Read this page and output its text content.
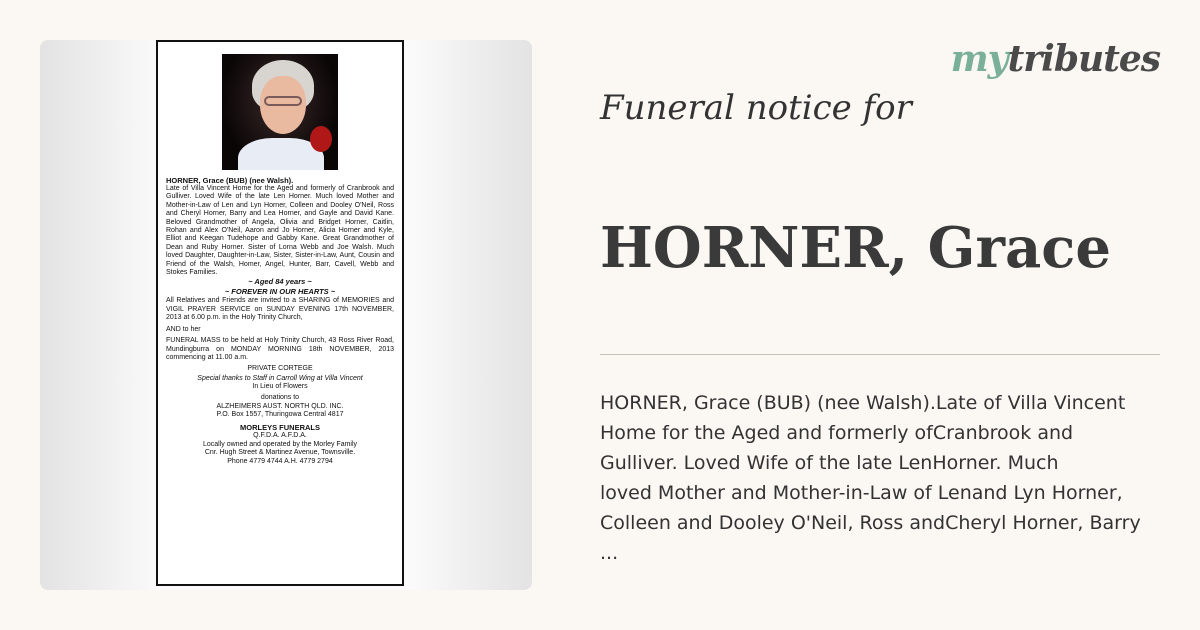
HORNER, Grace (BUB) (nee Walsh).

Late of Villa Vincent Home for the Aged and formerly of Cranbrook and Gulliver. Loved Wife of the late Len Horner. Much loved Mother and Mother-in-Law of Len and Lyn Horner, Colleen and Dooley O'Neil, Ross and Cheryl Horner, Barry and Lea Horner, and Gayle and David Kane. Beloved Grandmother of Angela, Olivia and Bridget Horner, Caitlin, Rohan and Alex O'Neil, Aaron and Jo Horner, Alicia Horner and Kyle, Elliot and Keegan Tudehope and Gabby Kane. Great Grandmother of Dean and Ruby Horner. Sister of Lorna Webb and Joe Walsh. Much loved Daughter, Daughter-in-Law, Sister, Sister-in-Law, Aunt, Cousin and Friend of the Walsh, Homer, Angel, Hunter, Barr, Cavell, Webb and Stokes Families.

~ Aged 84 years ~

~ FOREVER IN OUR HEARTS ~

All Relatives and Friends are invited to a SHARING of MEMORIES and VIGIL PRAYER SERVICE on SUNDAY EVENING 17th NOVEMBER, 2013 at 6.00 p.m. in the Holy Trinity Church,

AND to her

FUNERAL MASS to be held at Holy Trinity Church, 43 Ross River Road, Mundingburra on MONDAY MORNING 18th NOVEMBER, 2013 commencing at 11.00 a.m.

PRIVATE CORTEGE

Special thanks to Staff in Carroll Wing at Villa Vincent

In Lieu of Flowers

donations to

ALZHEIMERS AUST. NORTH QLD. INC.

P.O. Box 1557, Thuringowa Central 4817

MORLEYS FUNERALS

Q.F.D.A. A.F.D.A.

Locally owned and operated by the Morley Family

Cnr. Hugh Street & Martinez Avenue, Townsville.

Phone 4779 4744 A.H. 4779 2794

mytributes
Funeral notice for
HORNER, Grace

HORNER, Grace (BUB) (nee Walsh).Late of Villa Vincent

Home for the Aged and formerly ofCranbrook and

Gulliver. Loved Wife of the late LenHorner. Much

loved Mother and Mother-in-Law of Lenand Lyn Horner,

Colleen and Dooley O'Neil, Ross andCheryl Horner, Barry

...
